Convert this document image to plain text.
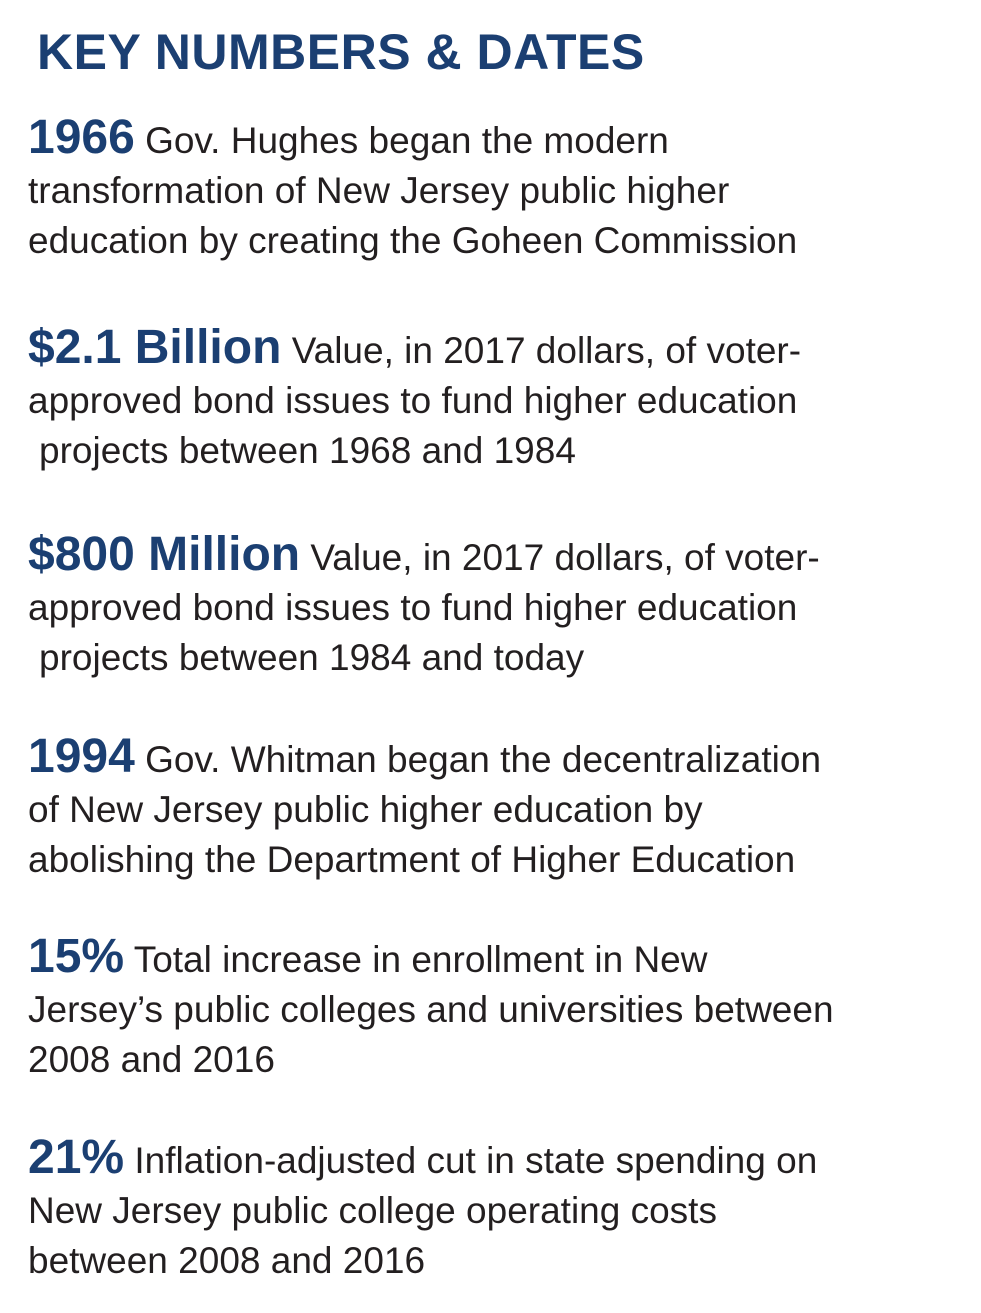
KEY NUMBERS & DATES

1966 Gov. Hughes began the modern
transformation of New Jersey public higher
education by creating the Goheen Commission

$2.1 Billion Value, in 2017 dollars, of voter-
approved bond issues to fund higher education
projects between 1968 and 1984

$800 Million Value, in 2017 dollars, of voter-
approved bond issues to fund higher education
projects between 1984 and today

1994 Gov. Whitman began the decentralization
of New Jersey public higher education by
abolishing the Department of Higher Education

15% Total increase in enrollment in New
Jersey’s public colleges and universities between
2008 and 2016

21% Inflation-adjusted cut in state spending on
New Jersey public college operating costs
between 2008 and 2016
